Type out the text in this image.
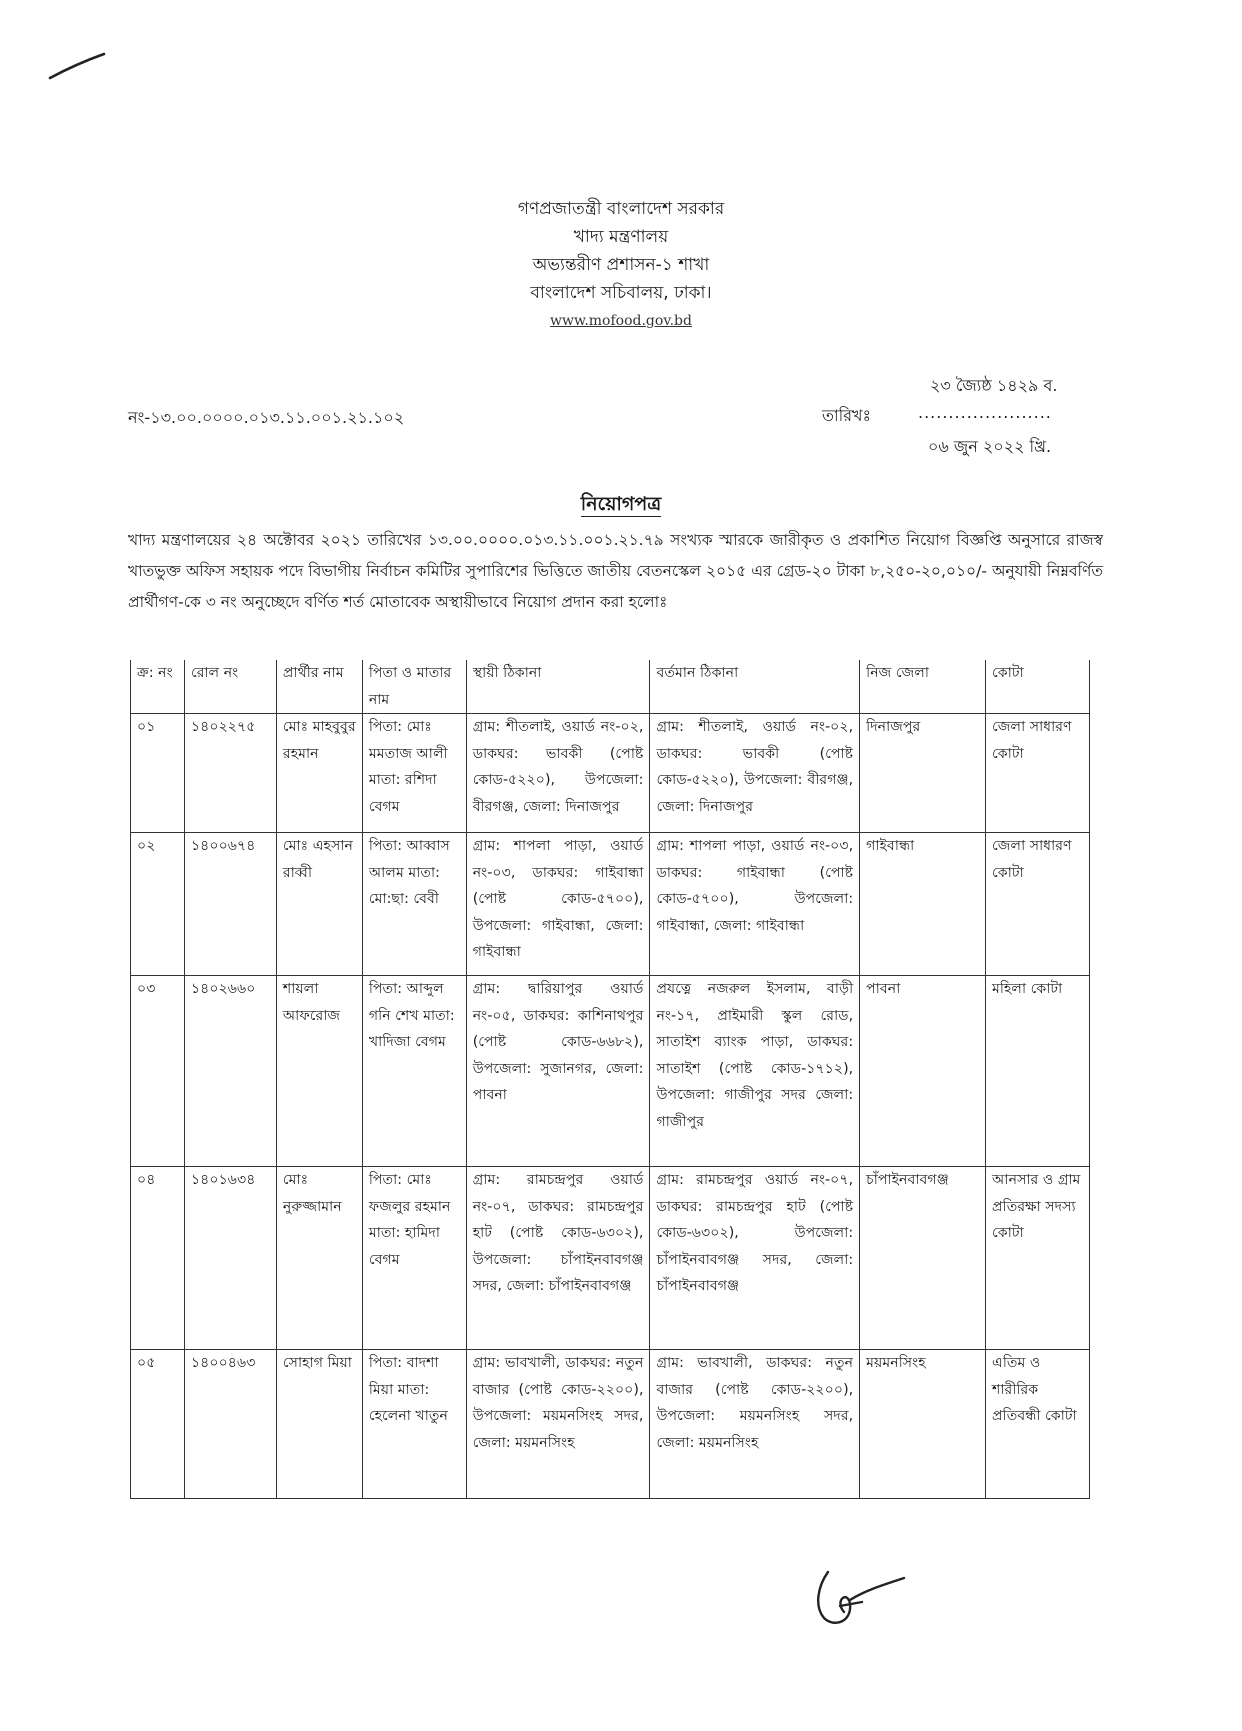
গণপ্রজাতন্ত্রী বাংলাদেশ সরকার
খাদ্য মন্ত্রণালয়
অভ্যন্তরীণ প্রশাসন-১ শাখা
বাংলাদেশ সচিবালয়, ঢাকা।
www.mofood.gov.bd
২৩ জ্যৈষ্ঠ ১৪২৯ ব.
নং-১৩.০০.০০০০.০১৩.১১.০০১.২১.১০২	তারিখঃ	......................
০৬ জুন ২০২২ খ্রি.
নিয়োগপত্র
খাদ্য মন্ত্রণালয়ের ২৪ অক্টোবর ২০২১ তারিখের ১৩.০০.০০০০.০১৩.১১.০০১.২১.৭৯ সংখ্যক স্মারকে জারীকৃত ও প্রকাশিত নিয়োগ বিজ্ঞপ্তি অনুসারে রাজস্ব খাতভুক্ত অফিস সহায়ক পদে বিভাগীয় নির্বাচন কমিটির সুপারিশের ভিত্তিতে জাতীয় বেতনস্কেল ২০১৫ এর গ্রেড-২০ টাকা ৮,২৫০-২০,০১০/- অনুযায়ী নিম্নবর্ণিত প্রার্থীগণ-কে ৩ নং অনুচ্ছেদে বর্ণিত শর্ত মোতাবেক অস্থায়ীভাবে নিয়োগ প্রদান করা হলোঃ
ক্র: নং	রোল নং	প্রার্থীর নাম	পিতা ও মাতার নাম	স্থায়ী ঠিকানা	বর্তমান ঠিকানা	নিজ জেলা	কোটা
০১	১৪০২২৭৫	মোঃ মাহবুবুর রহমান	পিতা: মোঃ মমতাজ আলী মাতা: রশিদা বেগম	গ্রাম: শীতলাই, ওয়ার্ড নং-০২, ডাকঘর: ভাবকী (পোষ্ট কোড-৫২২০), উপজেলা: বীরগঞ্জ, জেলা: দিনাজপুর	গ্রাম: শীতলাই, ওয়ার্ড নং-০২, ডাকঘর: ভাবকী (পোষ্ট কোড-৫২২০), উপজেলা: বীরগঞ্জ, জেলা: দিনাজপুর	দিনাজপুর	জেলা সাধারণ কোটা
০২	১৪০০৬৭৪	মোঃ এহসান রাব্বী	পিতা: আব্বাস আলম মাতা: মো:ছা: বেবী	গ্রাম: শাপলা পাড়া, ওয়ার্ড নং-০৩, ডাকঘর: গাইবান্ধা (পোষ্ট কোড-৫৭০০), উপজেলা: গাইবান্ধা, জেলা: গাইবান্ধা	গ্রাম: শাপলা পাড়া, ওয়ার্ড নং-০৩, ডাকঘর: গাইবান্ধা (পোষ্ট কোড-৫৭০০), উপজেলা: গাইবান্ধা, জেলা: গাইবান্ধা	গাইবান্ধা	জেলা সাধারণ কোটা
০৩	১৪০২৬৬০	শায়লা আফরোজ	পিতা: আব্দুল গনি শেখ মাতা: খাদিজা বেগম	গ্রাম: দ্বারিয়াপুর ওয়ার্ড নং-০৫, ডাকঘর: কাশিনাথপুর (পোষ্ট কোড-৬৬৮২), উপজেলা: সুজানগর, জেলা: পাবনা	প্রযত্নে নজরুল ইসলাম, বাড়ী নং-১৭, প্রাইমারী স্কুল রোড, সাতাইশ ব্যাংক পাড়া, ডাকঘর: সাতাইশ (পোষ্ট কোড-১৭১২), উপজেলা: গাজীপুর সদর জেলা: গাজীপুর	পাবনা	মহিলা কোটা
০৪	১৪০১৬৩৪	মোঃ নুরুজ্জামান	পিতা: মোঃ ফজলুর রহমান মাতা: হামিদা বেগম	গ্রাম: রামচন্দ্রপুর ওয়ার্ড নং-০৭, ডাকঘর: রামচন্দ্রপুর হাট (পোষ্ট কোড-৬৩০২), উপজেলা: চাঁপাইনবাবগঞ্জ সদর, জেলা: চাঁপাইনবাবগঞ্জ	গ্রাম: রামচন্দ্রপুর ওয়ার্ড নং-০৭, ডাকঘর: রামচন্দ্রপুর হাট (পোষ্ট কোড-৬৩০২), উপজেলা: চাঁপাইনবাবগঞ্জ সদর, জেলা: চাঁপাইনবাবগঞ্জ	চাঁপাইনবাবগঞ্জ	আনসার ও গ্রাম প্রতিরক্ষা সদস্য কোটা
০৫	১৪০০৪৬৩	সোহাগ মিয়া	পিতা: বাদশা মিয়া মাতা: হেলেনা খাতুন	গ্রাম: ভাবখালী, ডাকঘর: নতুন বাজার (পোষ্ট কোড-২২০০), উপজেলা: ময়মনসিংহ সদর, জেলা: ময়মনসিংহ	গ্রাম: ভাবখালী, ডাকঘর: নতুন বাজার (পোষ্ট কোড-২২০০), উপজেলা: ময়মনসিংহ সদর, জেলা: ময়মনসিংহ	ময়মনসিংহ	এতিম ও শারীরিক প্রতিবন্ধী কোটা
